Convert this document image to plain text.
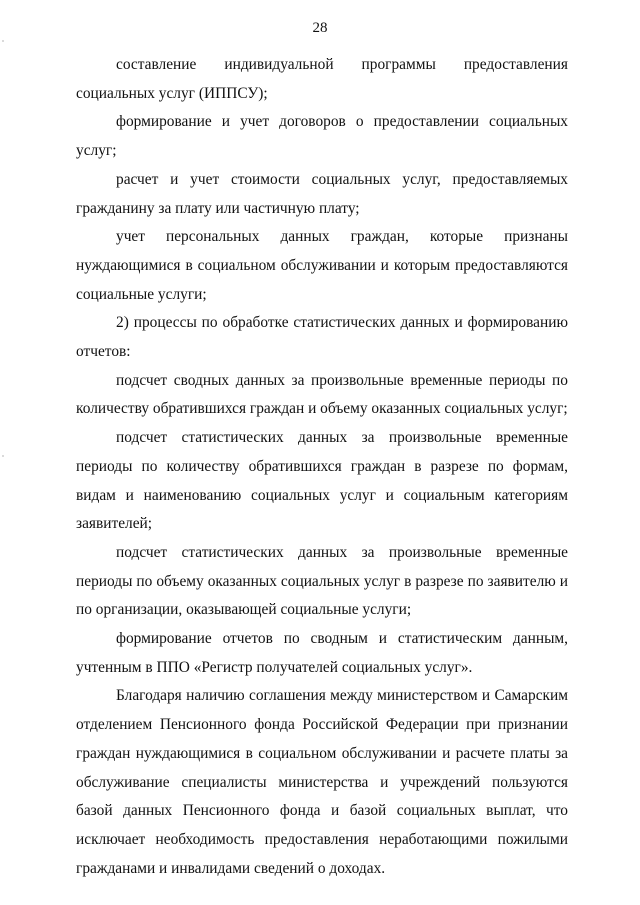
28

составление индивидуальной программы предоставления социальных услуг (ИППСУ);

формирование и учет договоров о предоставлении социальных услуг;

расчет и учет стоимости социальных услуг, предоставляемых гражданину за плату или частичную плату;

учет персональных данных граждан, которые признаны нуждающимися в социальном обслуживании и которым предоставляются социальные услуги;

2) процессы по обработке статистических данных и формированию отчетов:

подсчет сводных данных за произвольные временные периоды по количеству обратившихся граждан и объему оказанных социальных услуг;

подсчет статистических данных за произвольные временные периоды по количеству обратившихся граждан в разрезе по формам, видам и наименованию социальных услуг и социальным категориям заявителей;

подсчет статистических данных за произвольные временные периоды по объему оказанных социальных услуг в разрезе по заявителю и по организации, оказывающей социальные услуги;

формирование отчетов по сводным и статистическим данным, учтенным в ППО «Регистр получателей социальных услуг».

Благодаря наличию соглашения между министерством и Самарским отделением Пенсионного фонда Российской Федерации при признании граждан нуждающимися в социальном обслуживании и расчете платы за обслуживание специалисты министерства и учреждений пользуются базой данных Пенсионного фонда и базой социальных выплат, что исключает необходимость предоставления неработающими пожилыми гражданами и инвалидами сведений о доходах.
